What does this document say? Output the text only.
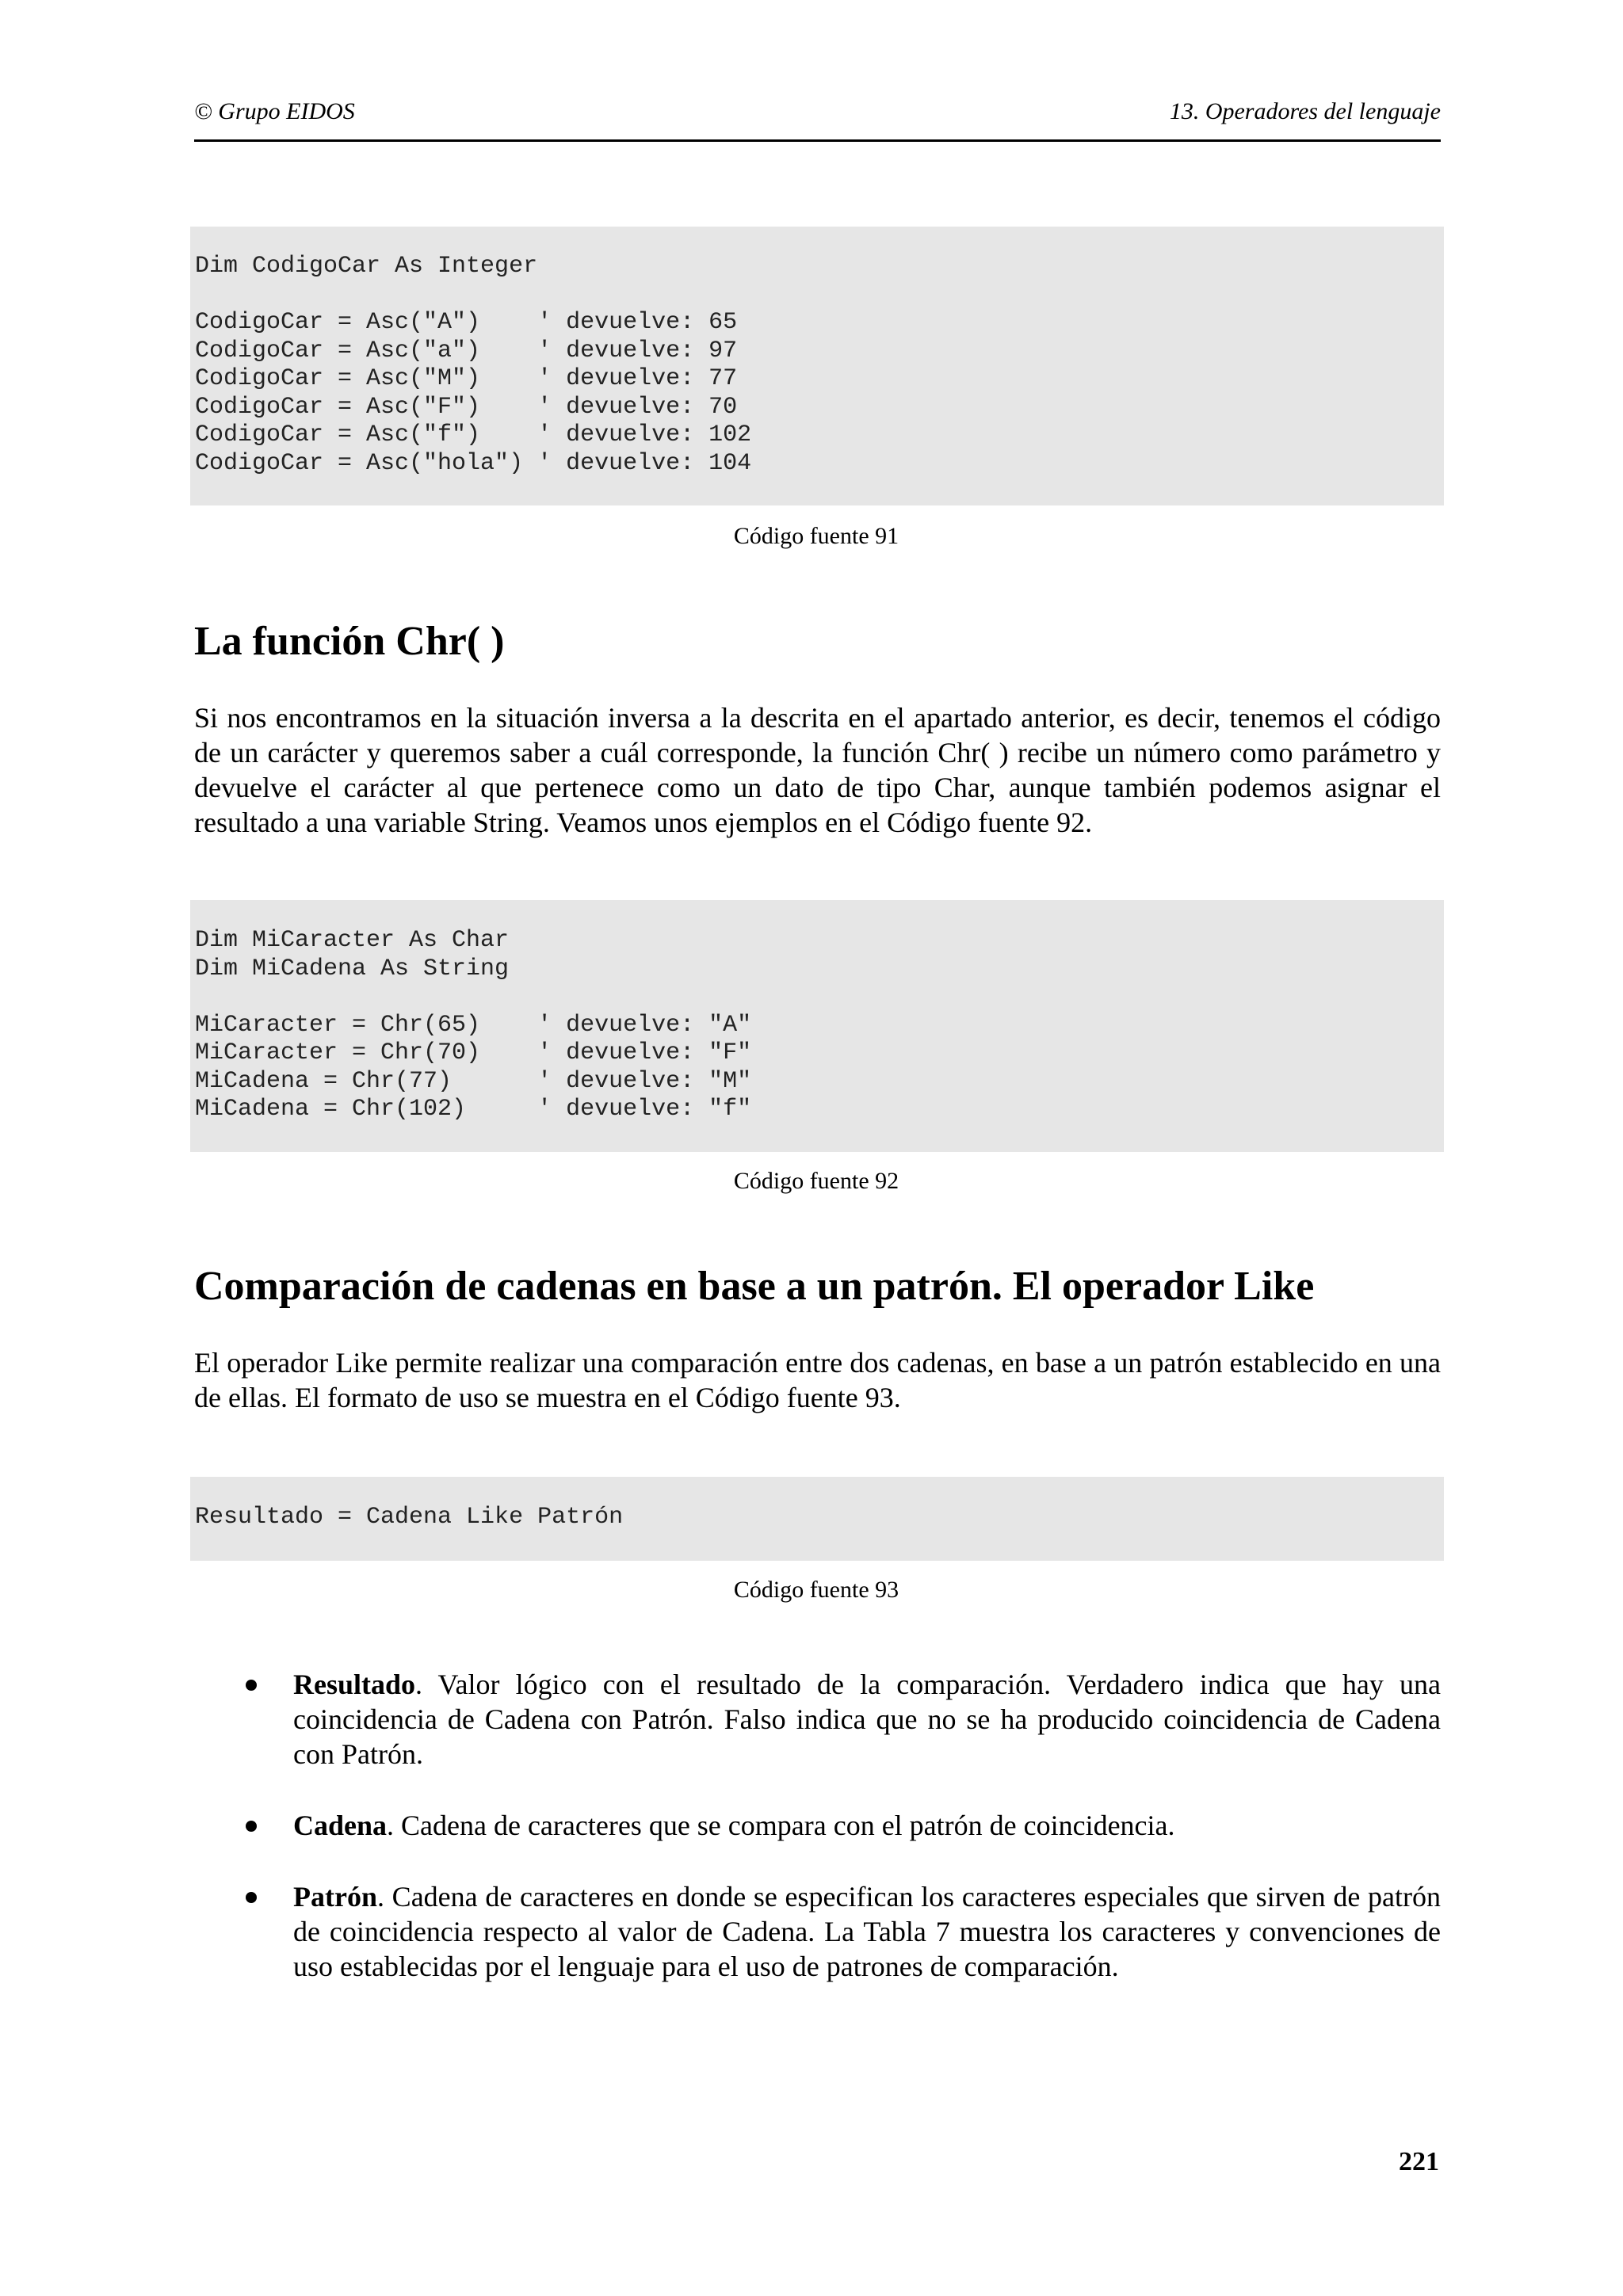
© Grupo EIDOS	13. Operadores del lenguaje
Dim CodigoCar As Integer
CodigoCar = Asc("A")    ' devuelve: 65
CodigoCar = Asc("a")    ' devuelve: 97
CodigoCar = Asc("M")    ' devuelve: 77
CodigoCar = Asc("F")    ' devuelve: 70
CodigoCar = Asc("f")    ' devuelve: 102
CodigoCar = Asc("hola") ' devuelve: 104
Código fuente 91
La función Chr( )

Si nos encontramos en la situación inversa a la descrita en el apartado anterior, es decir, tenemos el código de un carácter y queremos saber a cuál corresponde, la función Chr( ) recibe un número como parámetro y devuelve el carácter al que pertenece como un dato de tipo Char, aunque también podemos asignar el resultado a una variable String. Veamos unos ejemplos en el Código fuente 92.

Dim MiCaracter As Char
Dim MiCadena As String
MiCaracter = Chr(65)    ' devuelve: "A"
MiCaracter = Chr(70)    ' devuelve: "F"
MiCadena = Chr(77)      ' devuelve: "M"
MiCadena = Chr(102)     ' devuelve: "f"
Código fuente 92
Comparación de cadenas en base a un patrón. El operador Like

El operador Like permite realizar una comparación entre dos cadenas, en base a un patrón establecido en una de ellas. El formato de uso se muestra en el Código fuente 93.

Resultado = Cadena Like Patrón
Código fuente 93
Resultado. Valor lógico con el resultado de la comparación. Verdadero indica que hay una coincidencia de Cadena con Patrón. Falso indica que no se ha producido coincidencia de Cadena con Patrón.
Cadena. Cadena de caracteres que se compara con el patrón de coincidencia.
Patrón. Cadena de caracteres en donde se especifican los caracteres especiales que sirven de patrón de coincidencia respecto al valor de Cadena. La Tabla 7 muestra los caracteres y convenciones de uso establecidas por el lenguaje para el uso de patrones de comparación.
221
